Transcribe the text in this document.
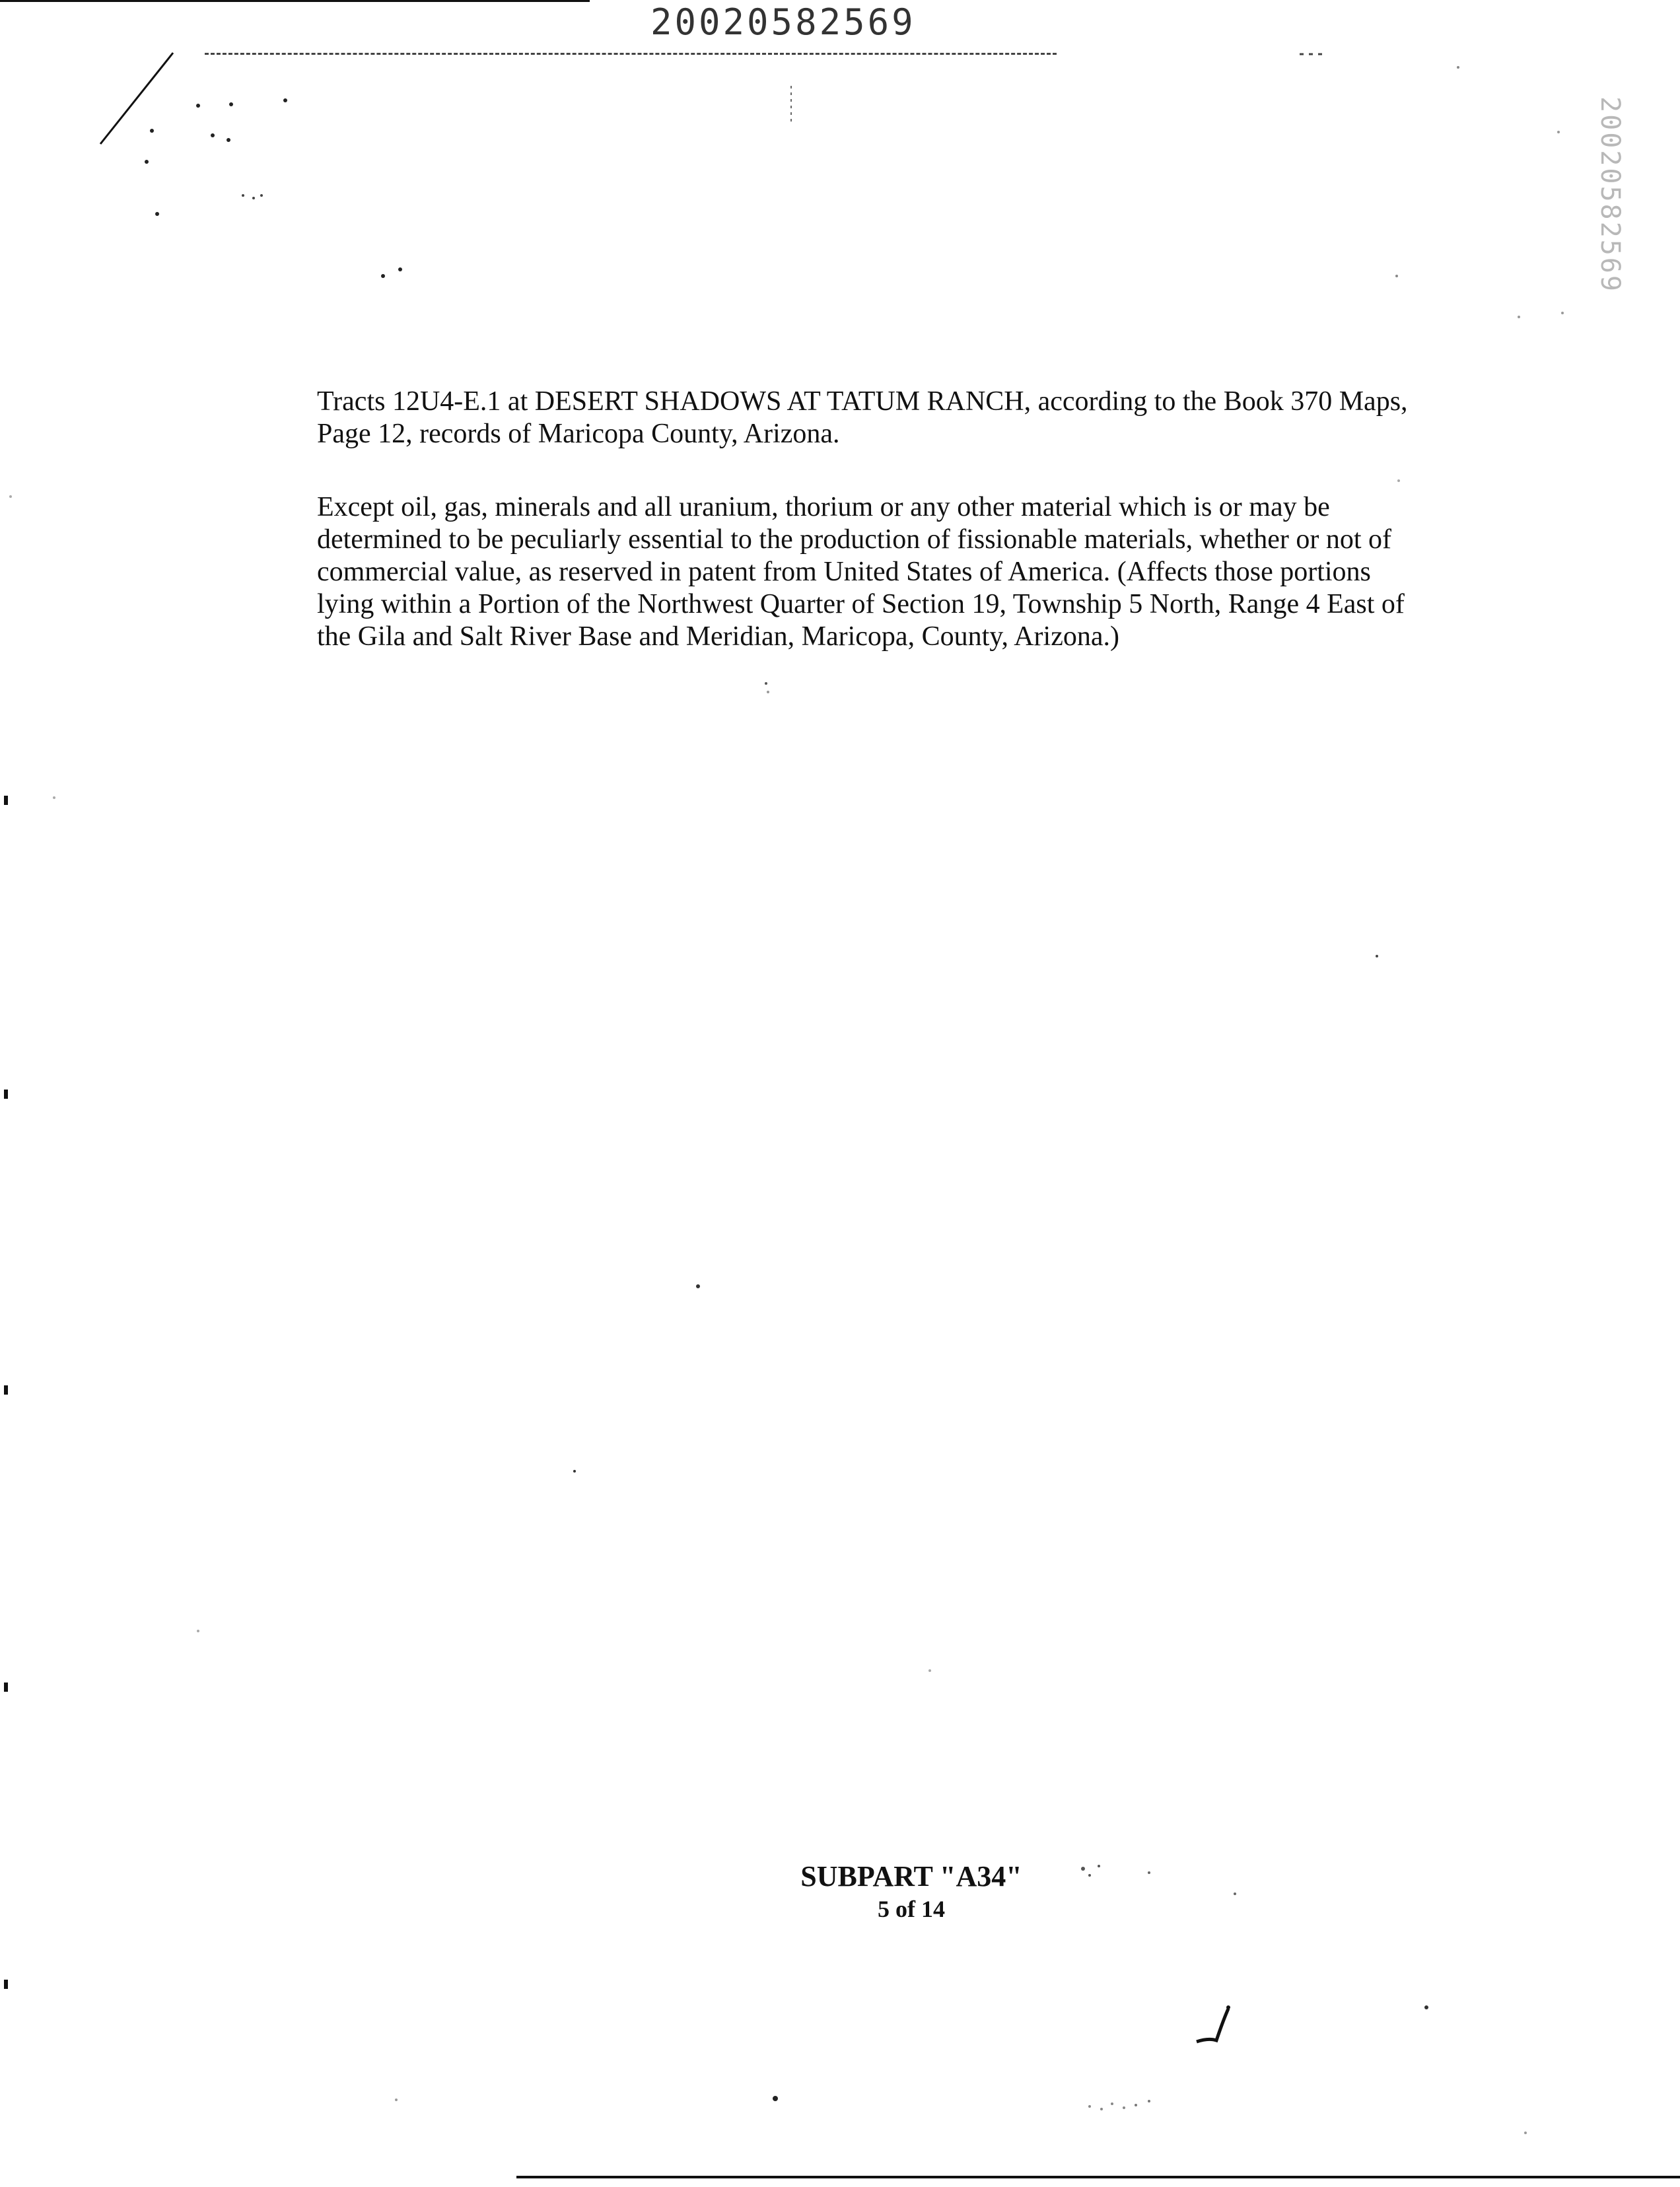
20020582569
20020582569

Tracts 12U4-E.1 at DESERT SHADOWS AT TATUM RANCH, according to the Book 370 Maps, Page 12, records of Maricopa County, Arizona.

Except oil, gas, minerals and all uranium, thorium or any other material which is or may be determined to be peculiarly essential to the production of fissionable materials, whether or not of commercial value, as reserved in patent from United States of America. (Affects those portions lying within a Portion of the Northwest Quarter of Section 19, Township 5 North, Range 4 East of the Gila and Salt River Base and Meridian, Maricopa, County, Arizona.)

SUBPART "A34"
5 of 14
